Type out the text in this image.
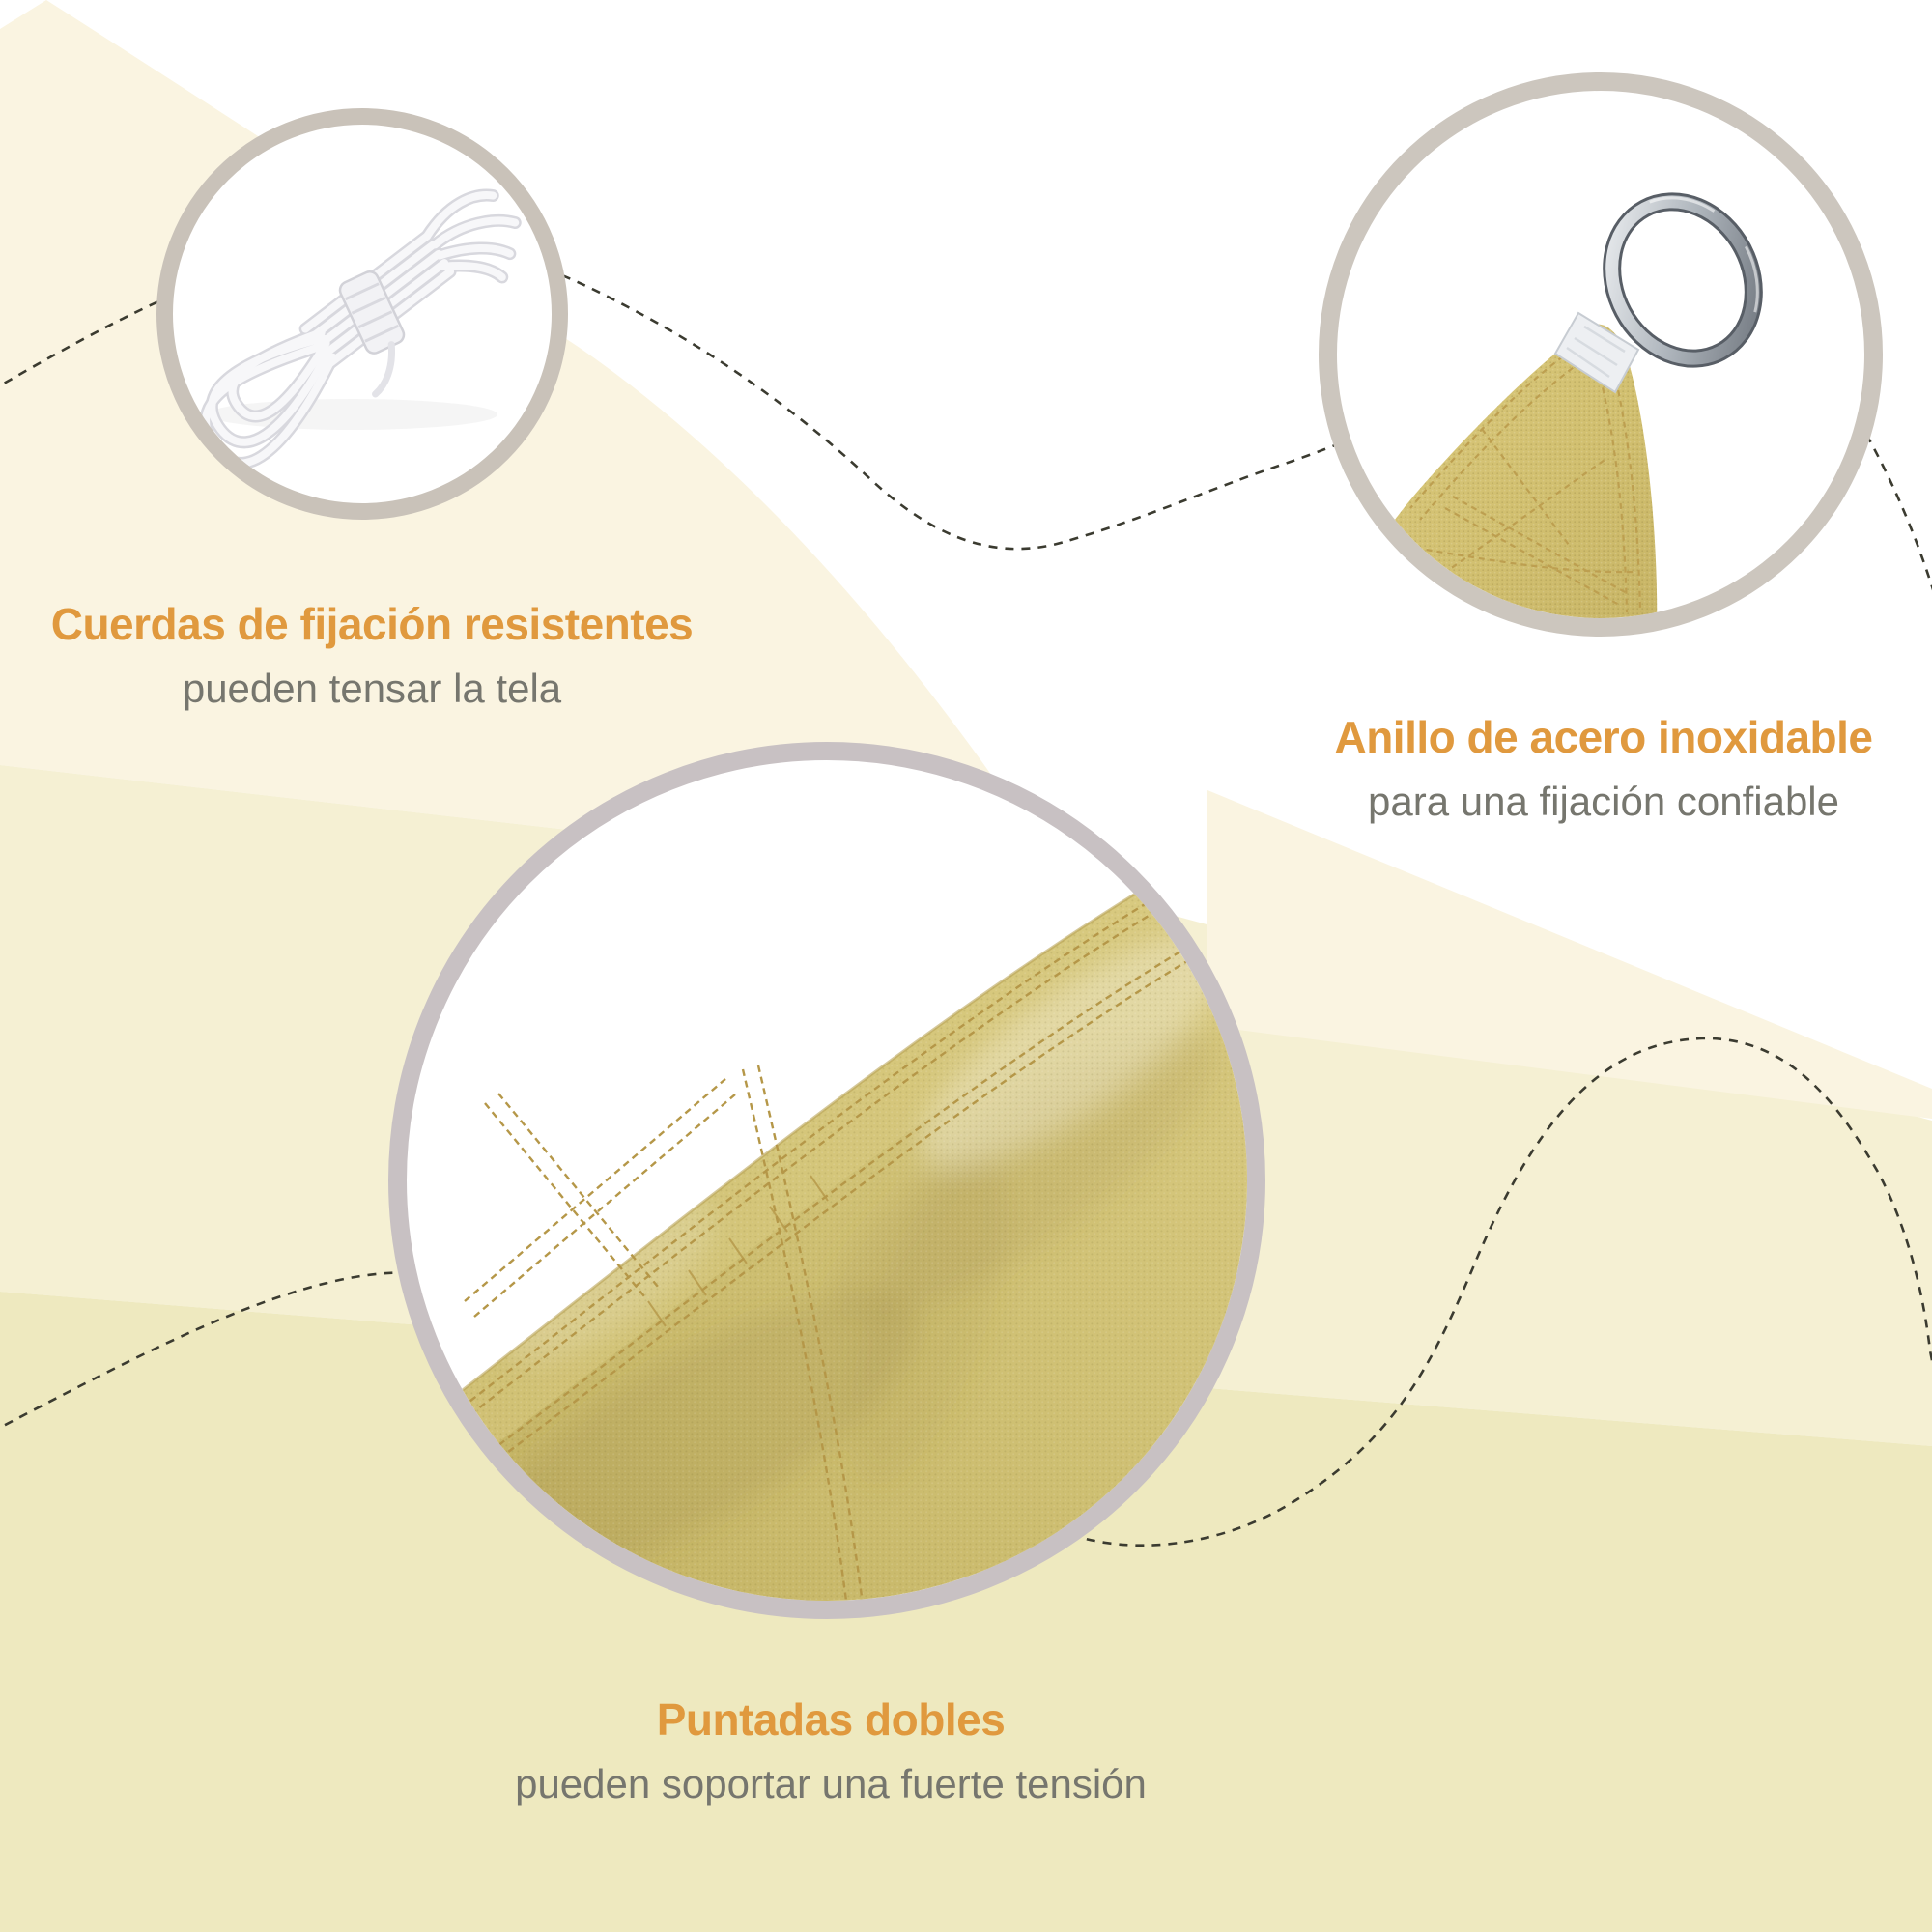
Cuerdas de fijación resistentes
pueden tensar la tela
Anillo de acero inoxidable
para una fijación confiable
Puntadas dobles
pueden soportar una fuerte tensión
